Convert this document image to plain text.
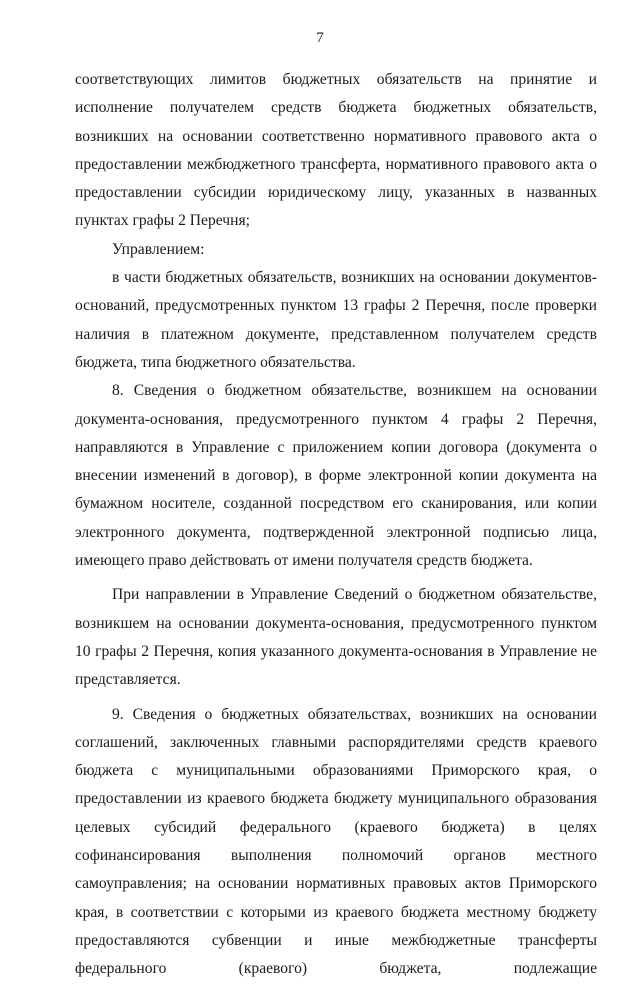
7

соответствующих лимитов бюджетных обязательств на принятие и исполнение получателем средств бюджета бюджетных обязательств, возникших на основании соответственно нормативного правового акта о предоставлении межбюджетного трансферта, нормативного правового акта о предоставлении субсидии юридическому лицу, указанных в названных пунктах графы 2 Перечня;

Управлением:

в части бюджетных обязательств, возникших на основании документов-оснований, предусмотренных пунктом 13 графы 2 Перечня, после проверки наличия в платежном документе, представленном получателем средств бюджета, типа бюджетного обязательства.

8. Сведения о бюджетном обязательстве, возникшем на основании документа-основания, предусмотренного пунктом 4 графы 2 Перечня, направляются в Управление с приложением копии договора (документа о внесении изменений в договор), в форме электронной копии документа на бумажном носителе, созданной посредством его сканирования, или копии электронного документа, подтвержденной электронной подписью лица, имеющего право действовать от имени получателя средств бюджета.

При направлении в Управление Сведений о бюджетном обязательстве, возникшем на основании документа-основания, предусмотренного пунктом 10 графы 2 Перечня, копия указанного документа-основания в Управление не представляется.

9. Сведения о бюджетных обязательствах, возникших на основании соглашений, заключенных главными распорядителями средств краевого бюджета с муниципальными образованиями Приморского края, о предоставлении из краевого бюджета бюджету муниципального образования целевых субсидий федерального (краевого бюджета) в целях софинансирования выполнения полномочий органов местного самоуправления; на основании нормативных правовых актов Приморского края, в соответствии с которыми из краевого бюджета местному бюджету предоставляются субвенции и иные межбюджетные трансферты федерального (краевого) бюджета, подлежащие
